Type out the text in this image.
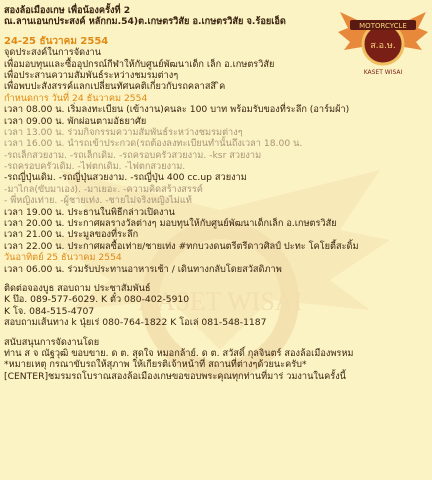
KASET WISAI
MOTORCYCLE
ส.อ.ษ.
KASET WISAI
สองล้อเมืองเกษ เพื่อน้องครั้งที่ 2
ณ.ลานเอนกประสงค์ หลักกม.54)ต.เกษตรวิสัย อ.เกษตรวิสัย จ.ร้อยเอ็ด
24-25 ธันวาคม 2554
จุดประสงค์ในการจัดงาน
เพื่อมอบทุนและซื้ออุปกรณ์กีฬาให้กับศูนย์พัฒนาเด็ก เล็ก อ.เกษตรวิสัย
เพื่อประสานความสัมพันธ์ระหว่างชมรมต่างๆ
เพื่อพบปะสังสรรค์แลกเปลี่ยนทัศนคติเกี่ยวกับรถคลาสสิ ิค
กำหนดการ วันที่ 24 ธันวาคม 2554
เวลา 08.00 น. เริ่มลงทะเบียน (เข้างาน)คนละ 100 บาท พร้อมรับของที่ระลึก (อาร์มผ้า)
เวลา 09.00 น. พักผ่อนตามอัธยาศัย
เวลา 13.00 น. ร่วมกิจกรรมความสัมพันธ์ระหว่างชมรมต่างๆ
เวลา 16.00 น. นำรถเข้าประกวด(รถต้องลงทะเบียนทำนั้นถึงเวลา 18.00 น.
-รถเล็กสวยงาม. -รถเล็กเดิม. -รถครอบครัวสวยงาม. -ksr สวยงาม
-รถครอบครัวเดิม. -ไฟตกเดิม. -ไฟตกสวยงาม.
-รถญี่ปุ่นเดิม. -รถญี่ปุ่นสวยงาม. -รถญี่ปุ่น 400 cc.up สวยงาม
-มาไกล(ขับมาเอง). -มาเยอะ. -ความคิดสร้างสรรค์
- พี่หญิงเท่าย. -ผู้ชายเท่ง. -ชายไม่จริงหญิงไม่แท้
เวลา 19.00 น. ประธานในพิธีกล่าวเปิดงาน
เวลา 20.00 น. ประกาศผลรางวัลต่างๆ มอบทุนให้กับศูนย์พัฒนาเด็กเล็ก อ.เกษตรวิสัย
เวลา 21.00 น. ประมูลของที่ระลึก
เวลา 22.00 น. ประกาศผลซื้อเท่าย/ชายเท่ง #ทกบวงดนตรีตรีดาวศิลป์ ปะทะ โคโยตี้สะดิ้ม
วันอาทิตย์ 25 ธันวาคม 2554
เวลา 06.00 น. ร่วมรับประทานอาหารเช้า / เดินทางกลับโดยสวัสดิภาพ
ติดต่อจองบูธ สอบถาม ประชาสัมพันธ์
K ป๊อ. 089-577-6029. K ตั๋ว 080-402-5910
K โจ. 084-515-4707
สอบถามเส้นทาง k นุ๋ยเร่ 080-764-1822 K โอเล่ 081-548-1187
สนับสนุนการจัดงานโดย
ท่าน ส จ ณัฐวุฒิ ขอบขาย. ด ต. สุดใจ หมอกล้าย์. ด ต. สวัสดิ์ กุลจินตร์ สองล้อเมืองพรหม
*หมายเหตุ กรณาขับรถให้สุภาพ ให้เกียรติเจ้าหน้าที่ สถานที่ต่างๆด้วยนะครับ*
[CENTER]ชมรมรถโบราณสองล้อเมืองเกษขอขอบพระคุณทุกท่านที่มาร่ วมงานในครั้งนี้
